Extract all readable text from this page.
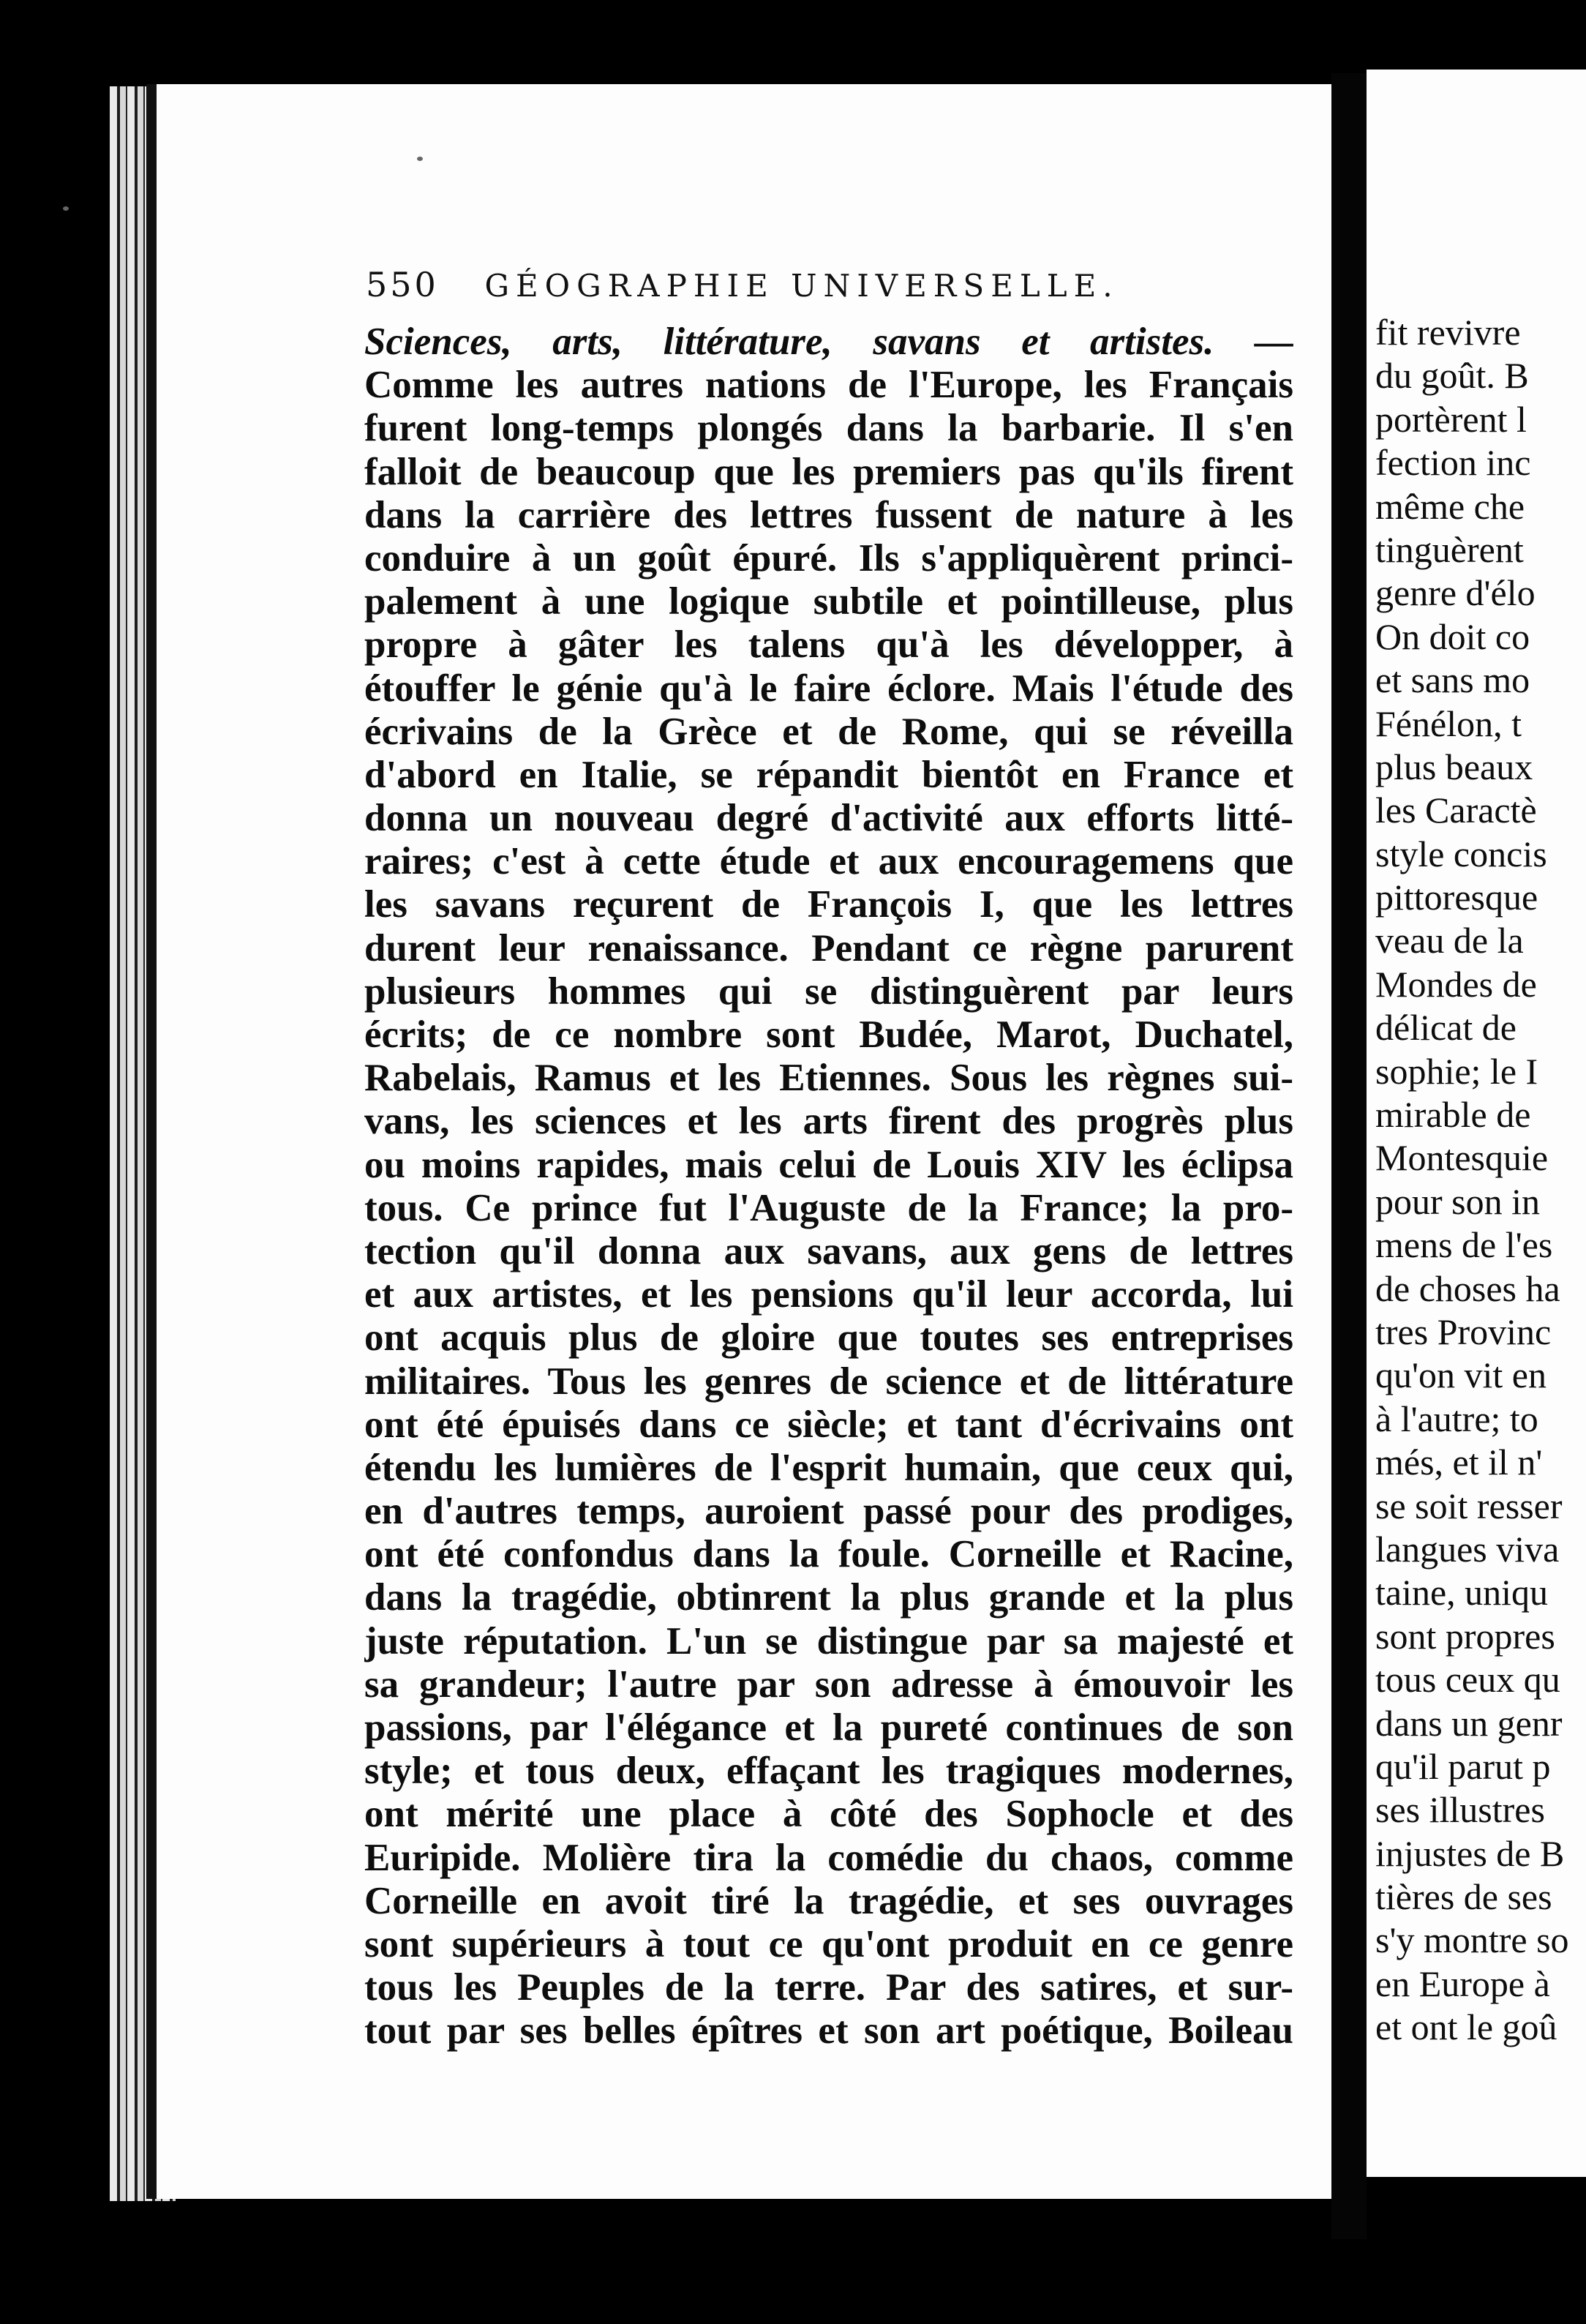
550 GÉOGRAPHIE UNIVERSELLE.
Sciences, arts, littérature, savans et artistes. —
Comme les autres nations de l'Europe, les Français
furent long-temps plongés dans la barbarie. Il s'en
falloit de beaucoup que les premiers pas qu'ils firent
dans la carrière des lettres fussent de nature à les
conduire à un goût épuré. Ils s'appliquèrent princi-
palement à une logique subtile et pointilleuse, plus
propre à gâter les talens qu'à les développer, à
étouffer le génie qu'à le faire éclore. Mais l'étude des
écrivains de la Grèce et de Rome, qui se réveilla
d'abord en Italie, se répandit bientôt en France et
donna un nouveau degré d'activité aux efforts litté-
raires; c'est à cette étude et aux encouragemens que
les savans reçurent de François I, que les lettres
durent leur renaissance. Pendant ce règne parurent
plusieurs hommes qui se distinguèrent par leurs
écrits; de ce nombre sont Budée, Marot, Duchatel,
Rabelais, Ramus et les Etiennes. Sous les règnes sui-
vans, les sciences et les arts firent des progrès plus
ou moins rapides, mais celui de Louis XIV les éclipsa
tous. Ce prince fut l'Auguste de la France; la pro-
tection qu'il donna aux savans, aux gens de lettres
et aux artistes, et les pensions qu'il leur accorda, lui
ont acquis plus de gloire que toutes ses entreprises
militaires. Tous les genres de science et de littérature
ont été épuisés dans ce siècle; et tant d'écrivains ont
étendu les lumières de l'esprit humain, que ceux qui,
en d'autres temps, auroient passé pour des prodiges,
ont été confondus dans la foule. Corneille et Racine,
dans la tragédie, obtinrent la plus grande et la plus
juste réputation. L'un se distingue par sa majesté et
sa grandeur; l'autre par son adresse à émouvoir les
passions, par l'élégance et la pureté continues de son
style; et tous deux, effaçant les tragiques modernes,
ont mérité une place à côté des Sophocle et des
Euripide. Molière tira la comédie du chaos, comme
Corneille en avoit tiré la tragédie, et ses ouvrages
sont supérieurs à tout ce qu'ont produit en ce genre
tous les Peuples de la terre. Par des satires, et sur-
tout par ses belles épîtres et son art poétique, Boileau
fit revivre
du goût. B
portèrent l
fection inc
même che
tinguèrent
genre d'élo
On doit co
et sans mo
Fénélon, t
plus beaux
les Caractè
style concis
pittoresque
veau de la
Mondes de
délicat de
sophie; le I
mirable de
Montesquie
pour son in
mens de l'es
de choses ha
tres Provinc
qu'on vit en
à l'autre; to
més, et il n'
se soit resser
langues viva
taine, uniqu
sont propres
tous ceux qu
dans un genr
qu'il parut p
ses illustres
injustes de B
tières de ses
s'y montre so
en Europe à
et ont le goû
